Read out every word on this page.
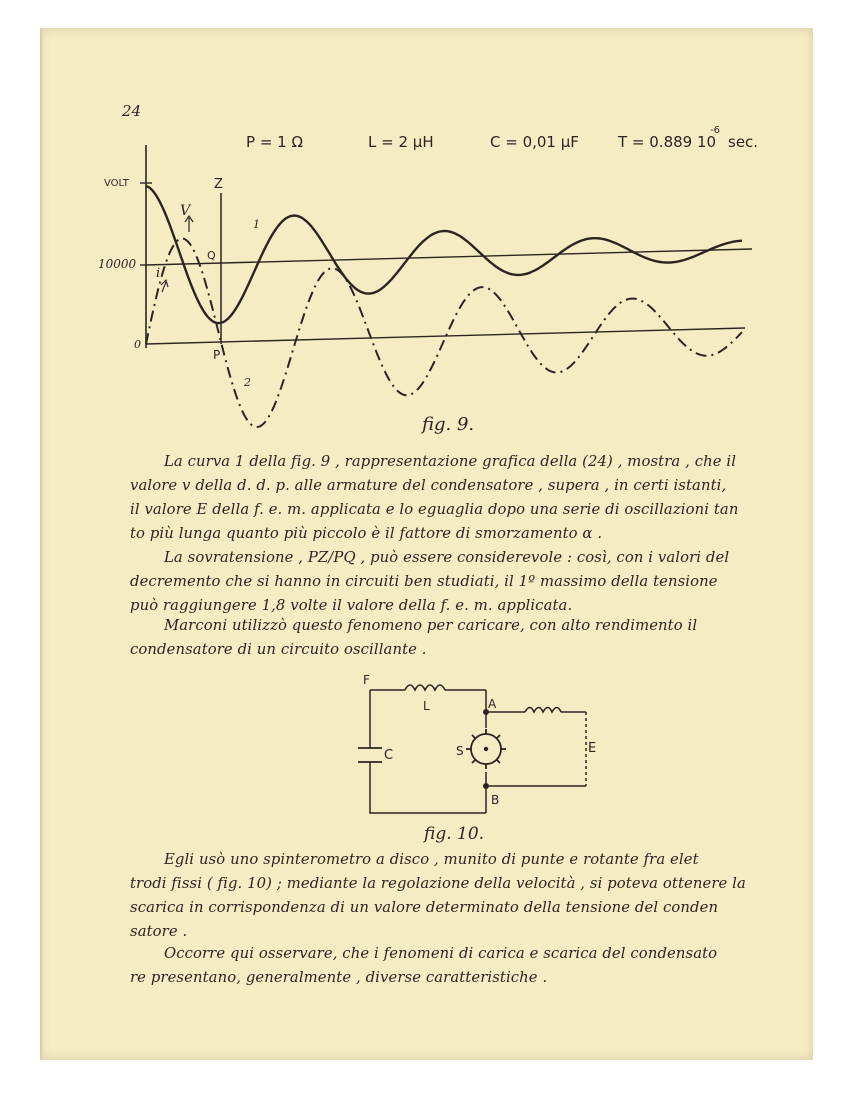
24
P = 1 Ω	L = 2 μH	C = 0,01 μF	T = 0.889 10
-6
sec.
VOLT
10000
0
Z
Q
P
V
i
1
2
fig. 9.
F
L	A
C	S	E
B
fig. 10.
La curva 1 della fig. 9 , rappresentazione grafica della (24) , mostra , che il
valore v della d. d. p. alle armature del condensatore , supera , in certi istanti,
il valore E della f. e. m. applicata e lo eguaglia dopo una serie di oscillazioni tan
to più lunga quanto più piccolo è il fattore di smorzamento α .
La sovratensione , PZ/PQ , può essere considerevole : così, con i valori del
decremento che si hanno in circuiti ben studiati, il 1º massimo della tensione
può raggiungere 1,8 volte il valore della f. e. m. applicata.
Marconi utilizzò questo fenomeno per caricare, con alto rendimento il
condensatore di un circuito oscillante .
Egli usò uno spinterometro a disco , munito di punte e rotante fra elet
trodi fissi ( fig. 10) ; mediante la regolazione della velocità , si poteva ottenere la
scarica in corrispondenza di un valore determinato della tensione del conden
satore .
Occorre qui osservare, che i fenomeni di carica e scarica del condensato
re presentano, generalmente , diverse caratteristiche .
